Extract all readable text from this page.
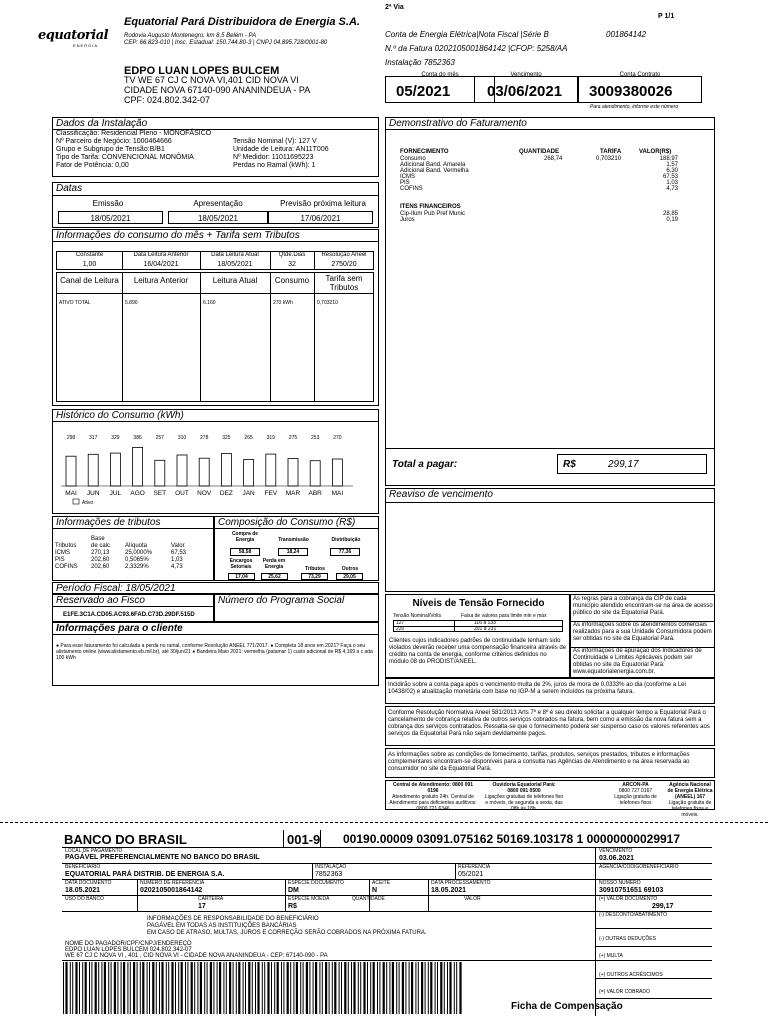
equatorial
ENERGIA
Equatorial Pará Distribuidora de Energia S.A.
Rodovia Augusto Montenegro, km 8,5 Belém - PA
CEP: 66.823-010 | Insc. Estadual: 150.744.80-3 | CNPJ 04.895.728/0001-80
2ª Via
P 1/1
Conta de Energia Elétrica|Nota Fiscal |Série B	001864142
N.º da Fatura 0202105001864142 |CFOP: 5258/AA
Instalação 7852363
EDPO LUAN LOPES BULCEM
TV WE 67 CJ C NOVA VI,401 CID NOVA VI
CIDADE NOVA 67140-090 ANANINDEUA - PA
CPF: 024.802.342-07
Conta do mês
05/2021
Vencimento
03/06/2021
Conta Contrato
3009380026
Para atendimento, informe este número
Dados da Instalação
Classificação: Residencial Pleno - MONOFÁSICO
Nº Parceiro de Negócio: 1000464666
Grupo e Subgrupo de Tensão:B/B1
Tipo de Tarifa: CONVENCIONAL MONÔMIA
Fator de Potência: 0,00
Tensão Nominal (V): 127 V
Unidade de Leitura: AN11T006
Nº Medidor: 11011695223
Perdas no Ramal (kWh): 1
Datas
Emissão	Apresentação	Previsão próxima leitura
18/05/2021	18/05/2021	17/06/2021
Informações do consumo do mês + Tarifa sem Tributos
Constante	Data Leitura Anterior	Data Leitura Atual	Qtde.Dias	Resolução Aneel
1,00	16/04/2021	18/05/2021	32	2750/20
Canal de Leitura	Leitura Anterior	Leitura Atual	Consumo	Tarifa sem Tributos
ATIVO TOTAL	5.890	6.160	270 kWh	0,703210
Histórico do Consumo (kWh)
298
MAI
317
JUN
329
JUL
386
AGO
257
SET
310
OUT
278
NOV
325
DEZ
265
JAN
319
FEV
275
MAR
253
ABR
270
MAI
Ativo
Informações de tributos
Tributos
Base de calc	Alíquota	Valor
ICMS	270,13	25,0000%	67,53
PIS	202,60	0,5065%	1,03
COFINS 202,60	2,3329%	4,73
Composição do Consumo (R$)
Compra de Energia	Transmissão	Distribuição
58,58	18,24	77,36
Encargos Setoriais
Perda em Energia	Tributos	Outros
17,04	25,62	73,29	29,05
Período Fiscal: 18/05/2021
Reservado ao Fisco
E1FE.3C1A.CD05.AC93.6FAD.C73D.29DF.515D
Número do Programa Social
Informações para o cliente
● Para esse faturamento foi calculada a perda no ramal, conforme Resolução ANEEL 771/2017. ● Completa 18 anos em 2021? Faça o seu alistamento online (www.alistamento.eb.mil.br), até 30/jun/21 ● Bandeira Maio 2021: vermelha (patamar 1) custo adicional de R$ 4,169 a c ada 100 kWh
Demonstrativo do Faturamento
FORNECIMENTO	QUANTIDADE	TARIFA	VALOR(R$)
Consumo	268,74	0,703210	188,97
Adicional Band. Amarela	1,57
Adicional Band. Vermelha	6,30
ICMS	67,53
PIS	1,03
COFINS	4,73
ITENS FINANCEIROS
Cip-Ilum Pub Pref Munic	28,85
Juros	0,19
Total a pagar:	R$	299,17
Reaviso de vencimento
Níveis de Tensão Fornecido
Tensão Nominal/Volts	Faixa de valores para limite min e máx
127	116 a 133
220	201 a 231
Clientes cujos indicadores padrões de continuidade tenham sido violados deverão receber uma compensação financeira através de crédito na conta de energia, conforme critérios definidos no módulo 08 do PRODIST/ANEEL.
As regras para a cobrança da CIP de cada município atendido encontram-se na área de acesso público do site da Equatorial Pará.
As informações sobre os atendimentos comerciais realizados para a sua Unidade Consumidora podem ser obtidas no site da Equatorial Pará.
As informações de apuração dos Indicadores de Continuidade e Limites Aplicáveis podem ser obtidas no site da Equatorial Pará: www.equatorialenergia.com.br.
Incidirão sobre a conta paga após o vencimento multa de 2%, juros de mora de 0,0333% ao dia (conforme a Lei 10438/02) e atualização monetária com base no IGP-M a serem incluídos na próxima fatura.
Conforme Resolução Normativa Aneel 581/2013 Arts 7º e 8º é seu direito solicitar a qualquer tempo a Equatorial Pará o cancelamento de cobrança relativa de outros serviços cobrados na fatura, bem como a emissão da nova fatura sem a cobrança dos serviços contratados. Ressalta-se que o fornecimento poderá ser suspenso caso os valores referentes aos serviços da Equatorial Pará não sejam devidamente pagos.
As informações sobre as condições de fornecimento, tarifas, produtos, serviços prestados, tributos e informações complementares encontram-se disponíveis para a consulta nas Agências de Atendimento e na área reservada ao consumidor no site da Equatorial Pará.
Central de Atendimento: 0800 091 0196
Atendimento gratuito 24h. Central de Atendimento para deficientes auditivos: 0800 721 6346
Ouvidoria Equatorial Pará:
0800 091 0500
Ligações gratuitas de telefones fixo e móveis, de segunda a sexta, das 08h às 18h.
ARCON-PA
0800 727 0167
Ligação gratuita de telefones fixos
Agência Nacional de Energia Elétrica (ANEEL) 167
Ligação gratuita de telefones fixos e móveis.
BANCO DO BRASIL	001-9 00190.00009 03091.075162 50169.103178 1 00000000029917
LOCAL DE PAGAMENTO
PAGÁVEL PREFERENCIALMENTE NO BANCO DO BRASIL
VENCIMENTO
03.06.2021
BENEFICIÁRIO
EQUATORIAL PARÁ DISTRIB. DE ENERGIA S.A.
INSTALAÇÃO
7852363
REFERÊNCIA
05/2021
AGÊNCIA/CÓDIGOBENEFICIÁRIO
DATA DOCUMENTO
18.05.2021
NÚMERO DE REFERÊNCIA
0202105001864142
ESPÉCIE DOCUMENTO
DM
ACEITE
N
DATA PROCESSAMENTO
18.05.2021
NOSSO NÚMERO
30910751651 69103
USO DO BANCO	CARTEIRA
17
ESPÉCIE MOEDA
R$
QUANTIDADE	VALOR	(=) VALOR DOCUMENTO
299,17
INFORMAÇÕES DE RESPONSABILIDADE DO BENEFICIÁRIO
PAGÁVEL EM TODAS AS INSTITUIÇÕES BANCÁRIAS
EM CASO DE ATRASO, MULTAS, JUROS E CORREÇÃO SERÃO COBRADOS NA PRÓXIMA FATURA.
(-) DESCONTO/ABATIMENTO
(-) OUTRAS DEDUÇÕES
(+) MULTA
(+) OUTROS ACRÉSCIMOS
(=) VALOR COBRADO
NOME DO PAGADOR/CPF/CNPJ/ENDEREÇO
EDPO LUAN LOPES BULCEM 024.802.342-07
WE 67 CJ C NOVA VI , 401 , CID NOVA VI - CIDADE NOVA ANANINDEUA - CEP: 67140-090 - PA
Ficha de Compensação
